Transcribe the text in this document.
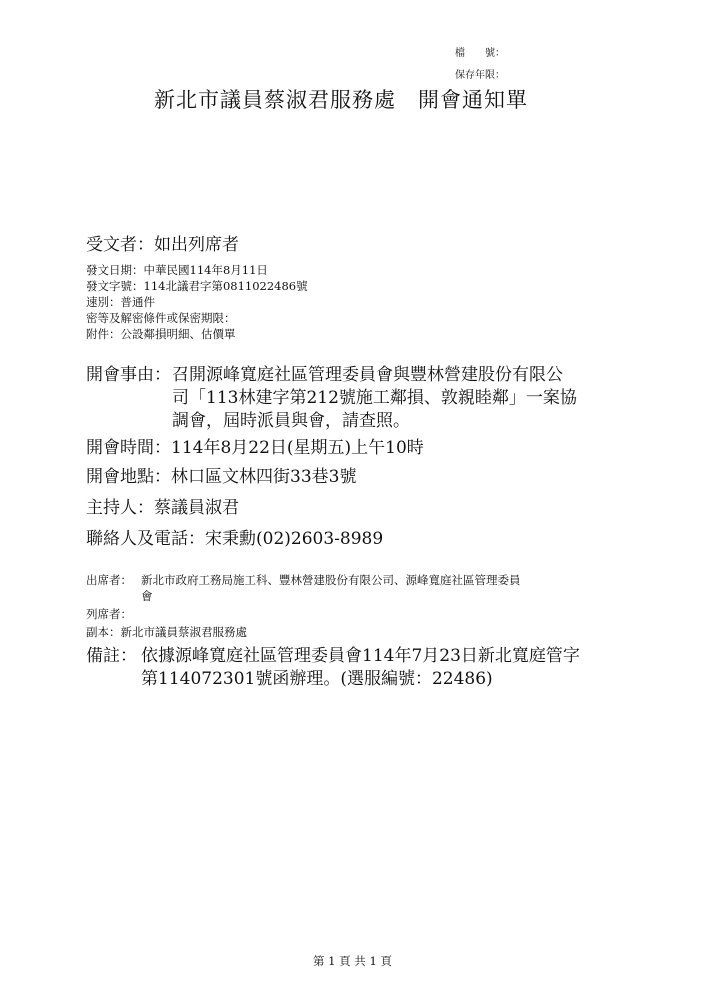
檔　　號：
保存年限：
新北市議員蔡淑君服務處　開會通知單
受文者： 如出列席者
發文日期： 中華民國114年8月11日
發文字號： 114北議君字第0811022486號
速別： 普通件
密等及解密條件或保密期限：
附件： 公設鄰損明細、估價單
開會事由： 召開源峰寬庭社區管理委員會與豐林營建股份有限公
司「113林建字第212號施工鄰損、敦親睦鄰」一案協
調會，屆時派員與會，請查照。
開會時間： 114年8月22日(星期五)上午10時
開會地點： 林口區文林四街33巷3號
主持人： 蔡議員淑君
聯絡人及電話： 宋秉勳(02)2603-8989
出席者： 新北市政府工務局施工科、豐林營建股份有限公司、源峰寬庭社區管理委員
會
列席者：
副本： 新北市議員蔡淑君服務處
備註： 依據源峰寬庭社區管理委員會114年7月23日新北寬庭管字
第114072301號函辦理。(選服編號：22486)
第 1 頁 共 1 頁
